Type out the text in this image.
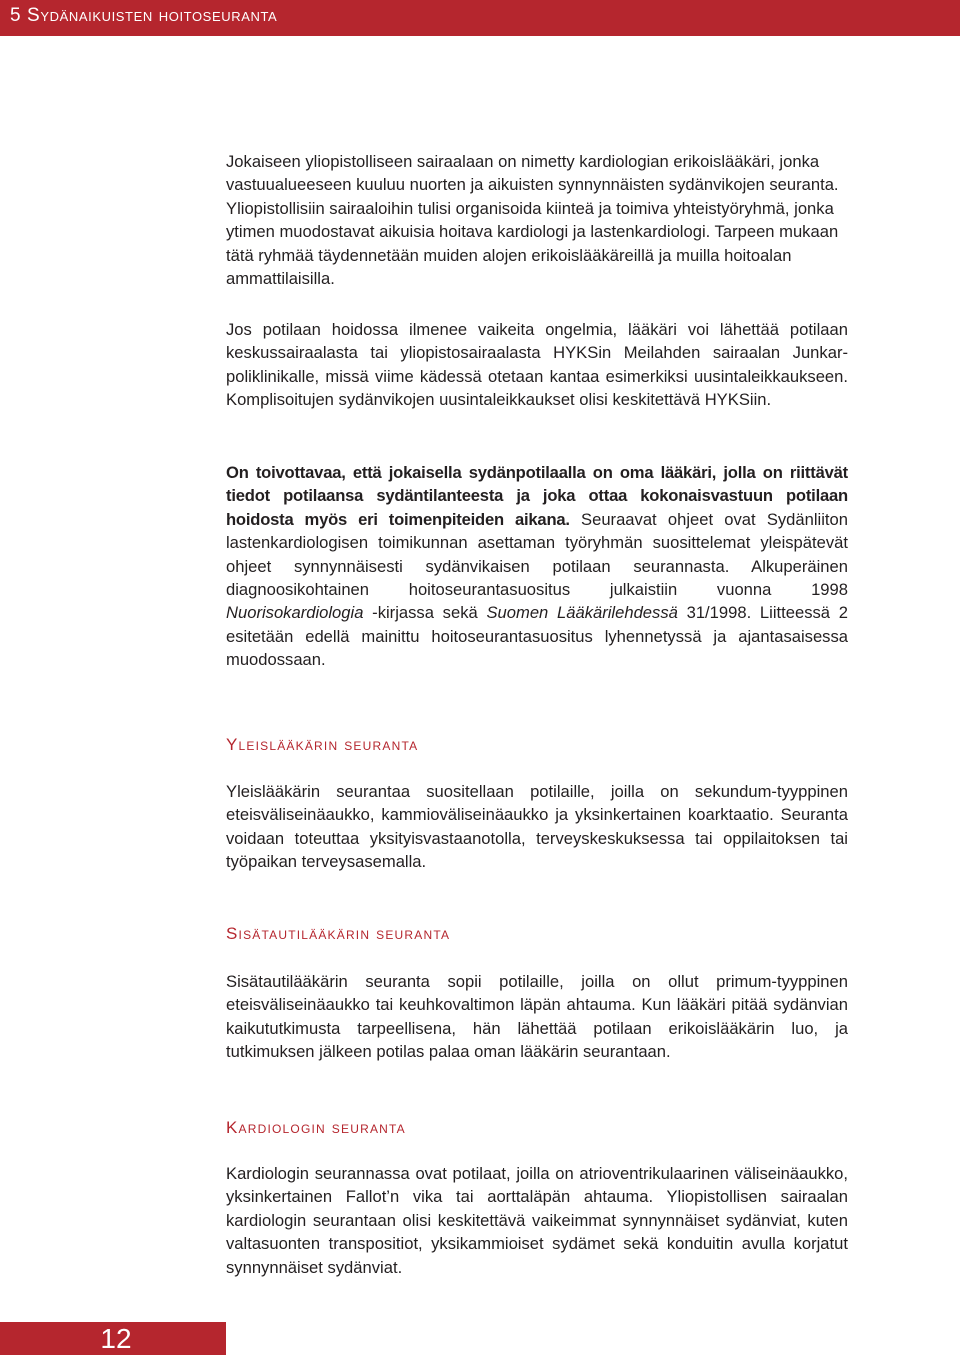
5 Sydänaikuisten hoitoseuranta

Jokaiseen yliopistolliseen sairaalaan on nimetty kardiologian erikoislääkäri, jonka vastuualueeseen kuuluu nuorten ja aikuisten synnynnäisten sydänvikojen seuranta. Yliopistollisiin sairaaloihin tulisi organisoida kiinteä ja toimiva yhteistyöryhmä, jonka ytimen muodostavat aikuisia hoitava kardiologi ja lastenkardiologi. Tarpeen mukaan tätä ryhmää täydennetään muiden alojen erikoislääkäreillä ja muilla hoitoalan ammattilaisilla.

Jos potilaan hoidossa ilmenee vaikeita ongelmia, lääkäri voi lähettää potilaan keskussairaalasta tai yliopistosairaalasta HYKSin Meilahden sairaalan Junkar-poliklinikalle, missä viime kädessä otetaan kantaa esimerkiksi uusintaleikkaukseen. Komplisoitujen sydänvikojen uusintaleikkaukset olisi keskitettävä HYKSiin.

On toivottavaa, että jokaisella sydänpotilaalla on oma lääkäri, jolla on riittävät tiedot potilaansa sydäntilanteesta ja joka ottaa kokonaisvastuun potilaan hoidosta myös eri toimenpiteiden aikana. Seuraavat ohjeet ovat Sydänliiton lastenkardiologisen toimikunnan asettaman työryhmän suosittelemat yleispätevät ohjeet synnynnäisesti sydänvikaisen potilaan seurannasta. Alkuperäinen diagnoosikohtainen hoitoseurantasuositus julkaistiin vuonna 1998 Nuorisokardiologia -kirjassa sekä Suomen Lääkärilehdessä 31/1998. Liitteessä 2 esitetään edellä mainittu hoitoseurantasuositus lyhennetyssä ja ajantasaisessa muodossaan.

Yleislääkärin seuranta

Yleislääkärin seurantaa suositellaan potilaille, joilla on sekundum-tyyppinen eteisväliseinäaukko, kammioväliseinäaukko ja yksinkertainen koarktaatio. Seuranta voidaan toteuttaa yksityisvastaanotolla, terveyskeskuksessa tai oppilaitoksen tai työpaikan terveysasemalla.

Sisätautilääkärin seuranta

Sisätautilääkärin seuranta sopii potilaille, joilla on ollut primum-tyyppinen eteisväliseinäaukko tai keuhkovaltimon läpän ahtauma. Kun lääkäri pitää sydänvian kaikututkimusta tarpeellisena, hän lähettää potilaan erikoislääkärin luo, ja tutkimuksen jälkeen potilas palaa oman lääkärin seurantaan.

Kardiologin seuranta

Kardiologin seurannassa ovat potilaat, joilla on atrioventrikulaarinen väliseinäaukko, yksinkertainen Fallot’n vika tai aorttaläpän ahtauma. Yliopistollisen sairaalan kardiologin seurantaan olisi keskitettävä vaikeimmat synnynnäiset sydänviat, kuten valtasuonten transpositiot, yksikammioiset sydämet sekä konduitin avulla korjatut synnynnäiset sydänviat.

12
